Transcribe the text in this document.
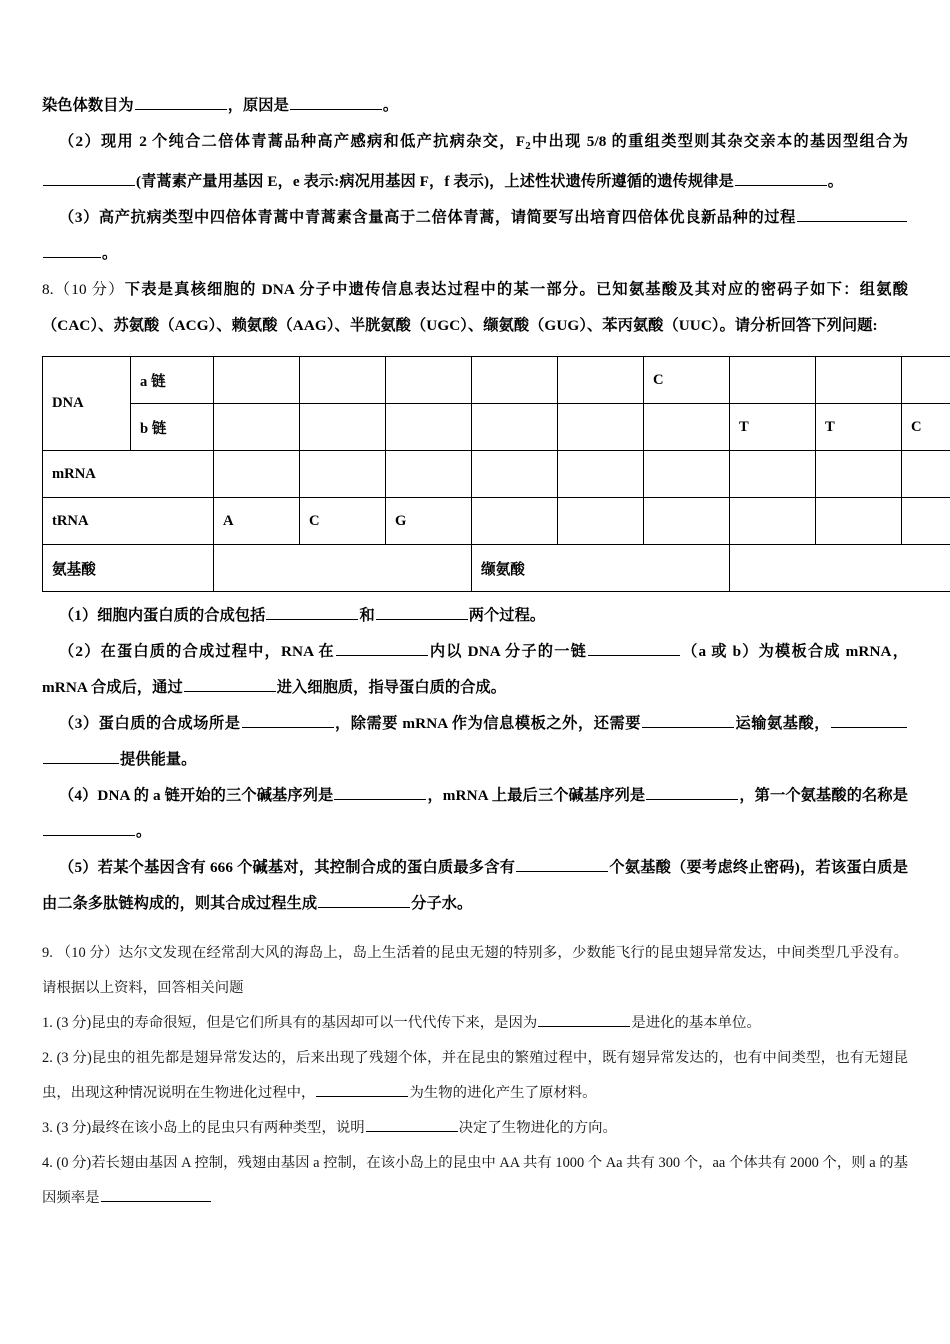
染色体数目为	，原因是	。

（2）现用 2 个纯合二倍体青蒿品种高产感病和低产抗病杂交，$F_2$中出现 5/8 的重组类型则其杂交亲本的基因型组合为(青蒿素产量用基因 E，e 表示:病况用基因 F，f 表示)，上述性状遗传所遵循的遗传规律是	。

（3）高产抗病类型中四倍体青蒿中青蒿素含量高于二倍体青蒿，请简要写出培育四倍体优良新品种的过程。

8.（10 分）下表是真核细胞的 DNA 分子中遗传信息表达过程中的某一部分。已知氨基酸及其对应的密码子如下：组氨酸（CAC）、苏氨酸（ACG）、赖氨酸（AAG）、半胱氨酸（UGC）、缬氨酸（GUG）、苯丙氨酸（UUC）。请分析回答下列问题:

DNA	a 链						C			
	b 链							T	T	C
mRNA										
tRNA		A	C	G						
氨基酸					缬氨酸					

（1）细胞内蛋白质的合成包括	和	两个过程。

（2）在蛋白质的合成过程中，RNA 在	内以 DNA 分子的一链	（a 或 b）为模板合成 mRNA，mRNA 合成后，通过	进入细胞质，指导蛋白质的合成。

（3）蛋白质的合成场所是	，除需要 mRNA 作为信息模板之外，还需要	运输氨基酸，提供能量。

（4）DNA 的 a 链开始的三个碱基序列是	，mRNA 上最后三个碱基序列是	，第一个氨基酸的名称是。

（5）若某个基因含有 666 个碱基对，其控制合成的蛋白质最多含有	个氨基酸（要考虑终止密码)，若该蛋白质是由二条多肽链构成的，则其合成过程生成	分子水。

9. （10 分）达尔文发现在经常刮大风的海岛上，岛上生活着的昆虫无翅的特别多，少数能飞行的昆虫翅异常发达，中间类型几乎没有。请根据以上资料，回答相关问题

1. (3 分)昆虫的寿命很短，但是它们所具有的基因却可以一代代传下来，是因为	是进化的基本单位。

2. (3 分)昆虫的祖先都是翅异常发达的，后来出现了残翅个体，并在昆虫的繁殖过程中，既有翅异常发达的，也有中间类型，也有无翅昆虫，出现这种情况说明在生物进化过程中，	为生物的进化产生了原材料。

3. (3 分)最终在该小岛上的昆虫只有两种类型，说明	决定了生物进化的方向。

4. (0 分)若长翅由基因 A 控制，残翅由基因 a 控制，在该小岛上的昆虫中 AA 共有 1000 个 Aa 共有 300 个，aa 个体共有 2000 个，则 a 的基因频率是
